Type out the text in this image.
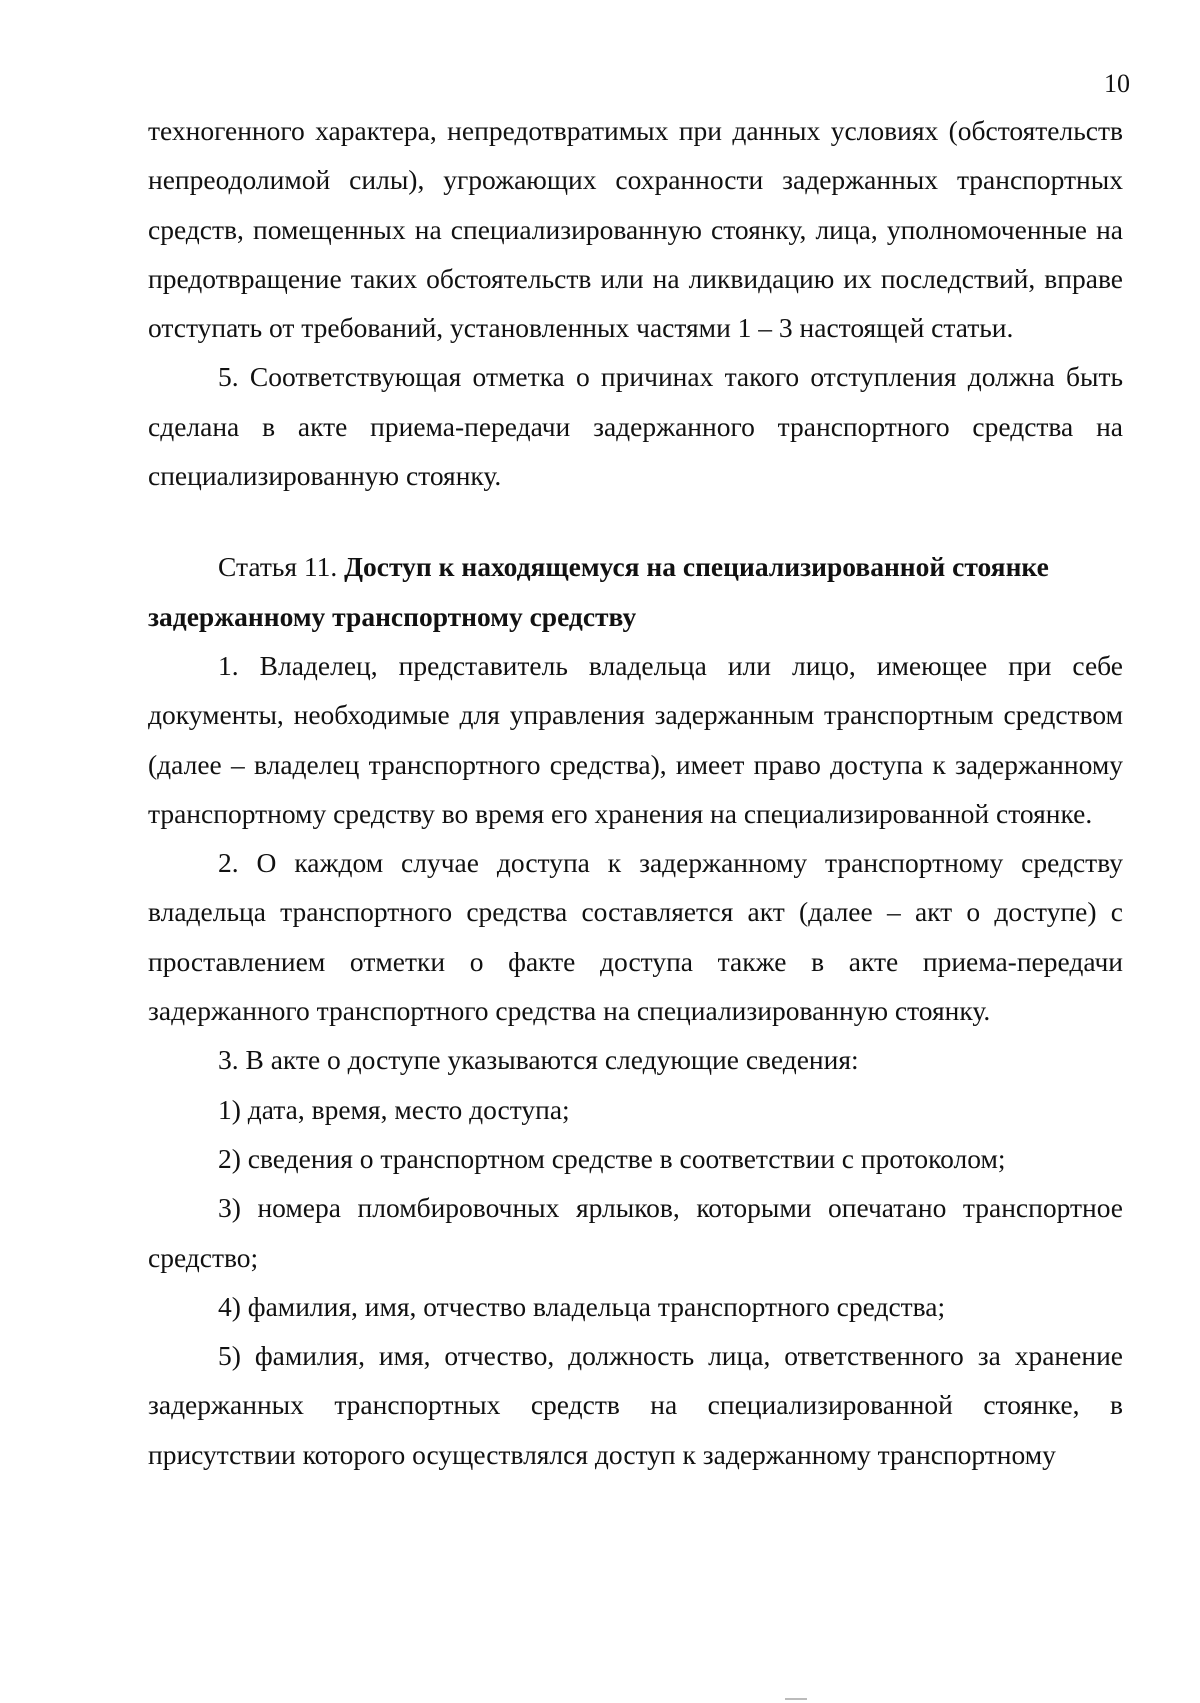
10

техногенного характера, непредотвратимых при данных условиях (обстоятельств непреодолимой силы), угрожающих сохранности задержанных транспортных средств, помещенных на специализированную стоянку, лица, уполномоченные на предотвращение таких обстоятельств или на ликвидацию их последствий, вправе отступать от требований, установленных частями 1 – 3 настоящей статьи.

5. Соответствующая отметка о причинах такого отступления должна быть сделана в акте приема-передачи задержанного транспортного средства на специализированную стоянку.

Статья 11. Доступ к находящемуся на специализированной стоянке задержанному транспортному средству

1. Владелец, представитель владельца или лицо, имеющее при себе документы, необходимые для управления задержанным транспортным средством (далее – владелец транспортного средства), имеет право доступа к задержанному транспортному средству во время его хранения на специализированной стоянке.

2. О каждом случае доступа к задержанному транспортному средству владельца транспортного средства составляется акт (далее – акт о доступе) с проставлением отметки о факте доступа также в акте приема-передачи задержанного транспортного средства на специализированную стоянку.

3. В акте о доступе указываются следующие сведения:

1) дата, время, место доступа;

2) сведения о транспортном средстве в соответствии с протоколом;

3) номера пломбировочных ярлыков, которыми опечатано транспортное средство;

4) фамилия, имя, отчество владельца транспортного средства;

5) фамилия, имя, отчество, должность лица, ответственного за хранение задержанных транспортных средств на специализированной стоянке, в присутствии которого осуществлялся доступ к задержанному транспортному
